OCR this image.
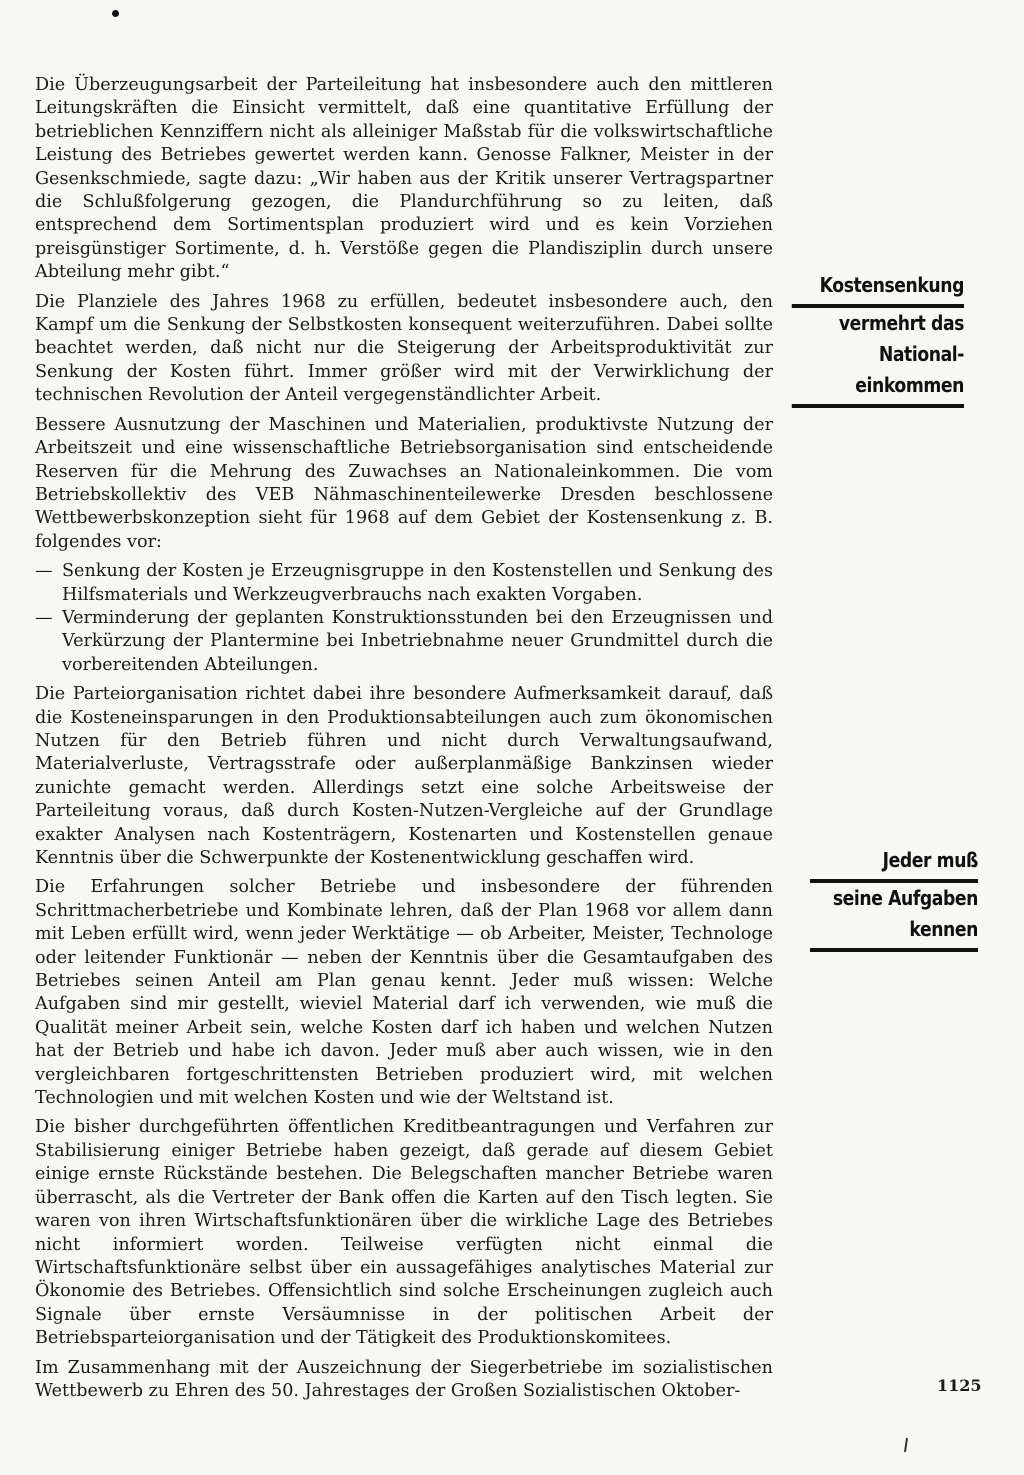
Die Überzeugungsarbeit der Parteileitung hat insbesondere auch den mittleren Leitungskräften die Einsicht vermittelt, daß eine quantitative Erfüllung der betrieblichen Kennziffern nicht als alleiniger Maßstab für die volkswirtschaftliche Leistung des Betriebes gewertet werden kann. Genosse Falkner, Meister in der Gesenkschmiede, sagte dazu: „Wir haben aus der Kritik unserer Vertragspartner die Schlußfolgerung gezogen, die Plandurchführung so zu leiten, daß entsprechend dem Sortimentsplan produziert wird und es kein Vorziehen preisgünstiger Sortimente, d. h. Verstöße gegen die Plandisziplin durch unsere Abteilung mehr gibt.“

Die Planziele des Jahres 1968 zu erfüllen, bedeutet insbesondere auch, den Kampf um die Senkung der Selbstkosten konsequent weiterzuführen. Dabei sollte beachtet werden, daß nicht nur die Steigerung der Arbeitsproduktivität zur Senkung der Kosten führt. Immer größer wird mit der Verwirklichung der technischen Revolution der Anteil vergegenständlichter Arbeit.

Bessere Ausnutzung der Maschinen und Materialien, produktivste Nutzung der Arbeitszeit und eine wissenschaftliche Betriebsorganisation sind entscheidende Reserven für die Mehrung des Zuwachses an Nationaleinkommen. Die vom Betriebskollektiv des VEB Nähmaschinenteilewerke Dresden beschlossene Wettbewerbskonzeption sieht für 1968 auf dem Gebiet der Kostensenkung z. B. folgendes vor:

— Senkung der Kosten je Erzeugnisgruppe in den Kostenstellen und Senkung des Hilfsmaterials und Werkzeugverbrauchs nach exakten Vorgaben.
— Verminderung der geplanten Konstruktionsstunden bei den Erzeugnissen und Verkürzung der Plantermine bei Inbetriebnahme neuer Grundmittel durch die vorbereitenden Abteilungen.

Die Parteiorganisation richtet dabei ihre besondere Aufmerksamkeit darauf, daß die Kosteneinsparungen in den Produktionsabteilungen auch zum ökonomischen Nutzen für den Betrieb führen und nicht durch Verwaltungsaufwand, Materialverluste, Vertragsstrafe oder außerplanmäßige Bankzinsen wieder zunichte gemacht werden. Allerdings setzt eine solche Arbeitsweise der Parteileitung voraus, daß durch Kosten-Nutzen-Vergleiche auf der Grundlage exakter Analysen nach Kostenträgern, Kostenarten und Kostenstellen genaue Kenntnis über die Schwerpunkte der Kostenentwicklung geschaffen wird.

Die Erfahrungen solcher Betriebe und insbesondere der führenden Schrittmacherbetriebe und Kombinate lehren, daß der Plan 1968 vor allem dann mit Leben erfüllt wird, wenn jeder Werktätige — ob Arbeiter, Meister, Technologe oder leitender Funktionär — neben der Kenntnis über die Gesamtaufgaben des Betriebes seinen Anteil am Plan genau kennt. Jeder muß wissen: Welche Aufgaben sind mir gestellt, wieviel Material darf ich verwenden, wie muß die Qualität meiner Arbeit sein, welche Kosten darf ich haben und welchen Nutzen hat der Betrieb und habe ich davon. Jeder muß aber auch wissen, wie in den vergleichbaren fortgeschrittensten Betrieben produziert wird, mit welchen Technologien und mit welchen Kosten und wie der Weltstand ist.

Die bisher durchgeführten öffentlichen Kreditbeantragungen und Verfahren zur Stabilisierung einiger Betriebe haben gezeigt, daß gerade auf diesem Gebiet einige ernste Rückstände bestehen. Die Belegschaften mancher Betriebe waren überrascht, als die Vertreter der Bank offen die Karten auf den Tisch legten. Sie waren von ihren Wirtschaftsfunktionären über die wirkliche Lage des Betriebes nicht informiert worden. Teilweise verfügten nicht einmal die Wirtschaftsfunktionäre selbst über ein aussagefähiges analytisches Material zur Ökonomie des Betriebes. Offensichtlich sind solche Erscheinungen zugleich auch Signale über ernste Versäumnisse in der politischen Arbeit der Betriebsparteiorganisation und der Tätigkeit des Produktionskomitees.

Im Zusammenhang mit der Auszeichnung der Siegerbetriebe im sozialistischen Wettbewerb zu Ehren des 50. Jahrestages der Großen Sozialistischen Oktober-

Kostensenkung
vermehrt das
National-
einkommen
Jeder muß
seine Aufgaben
kennen
1125
